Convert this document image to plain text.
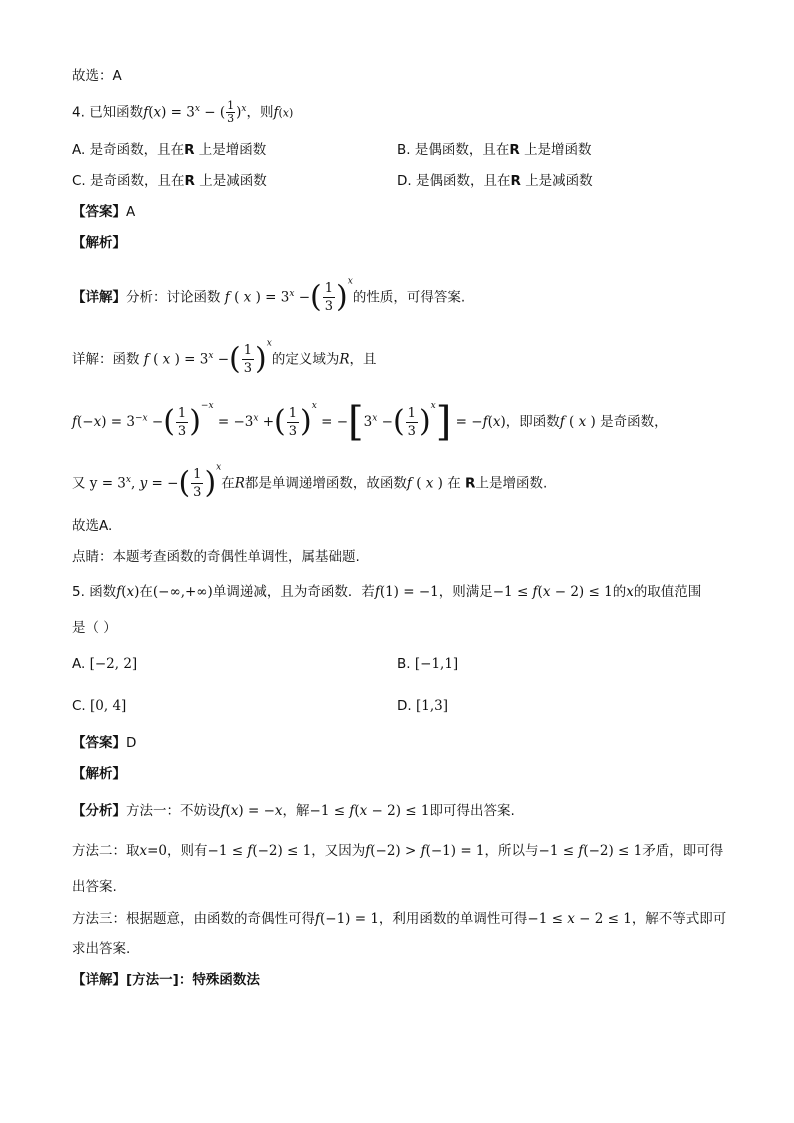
故选：A
4. 已知函数$f(x) = 3^x$ − ( $\frac{1}{3} )^x$，则f(x)
A. 是奇函数，且在R 上是增函数	B. 是偶函数，且在R 上是增函数
C. 是奇函数，且在R 上是减函数	D. 是偶函数，且在R 上是减函数
【答案】A
【解析】
【详解】分析：讨论函数 f ( x ) = $3^x$ −( $\frac{1}{3} )^x$的性质，可得答案.
详解：函数 f ( x ) = $3^x$ −( $\frac{1}{3} )^x$的定义域为R，且
$f(-x) = 3^{-x}$ −( $\frac{1}{3} )^{-x} = -3^x$ +( $\frac{1}{3} )^x = -[3^x$ −( $\frac{1}{3} )^x] = -f(x)$，即函数f ( x ) 是奇函数，
又 $y = 3^x$, y = −( $\frac{1}{3} )^x$在R都是单调递增函数，故函数f ( x ) 在 R上是增函数.
故选A.
点睛：本题考查函数的奇偶性单调性，属基础题.
5. 函数f(x)在(−∞,+∞)单调递减，且为奇函数．若f(1) = −1，则满足−1 ≤ f(x − 2) ≤ 1的x的取值范围
是（ ）
A. [−2, 2]	B. [−1,1]
C. [0, 4]	D. [1,3]
【答案】D
【解析】
【分析】方法一：不妨设f(x) = −x，解−1 ≤ f(x − 2) ≤ 1即可得出答案.
方法二：取x=0，则有−1 ≤ f(−2) ≤ 1，又因为f(−2) > f(−1) = 1，所以与−1 ≤ f(−2) ≤ 1矛盾，即可得
出答案.
方法三：根据题意，由函数的奇偶性可得f(−1) = 1，利用函数的单调性可得−1 ≤ x − 2 ≤ 1，解不等式即可
求出答案.
【详解】[方法一]：特殊函数法
